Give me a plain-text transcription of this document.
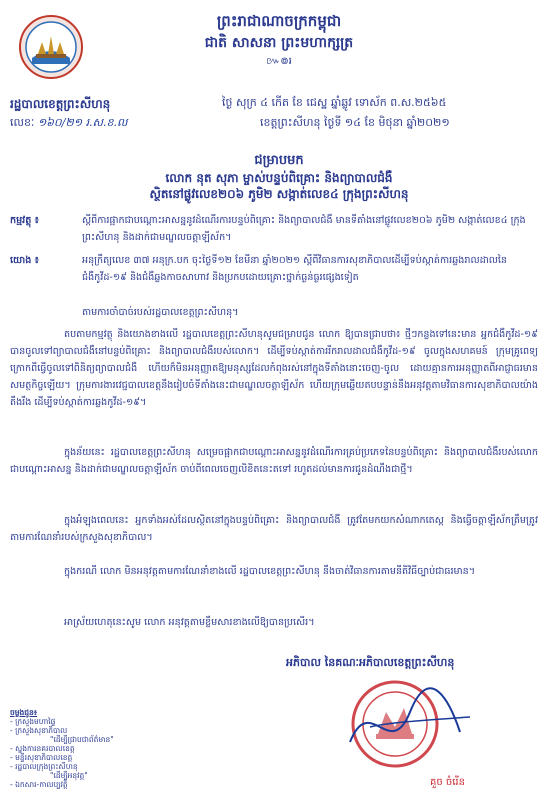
ព្រះរាជាណាចក្រកម្ពុជា
ជាតិ សាសនា ព្រះមហាក្សត្រ
៚៙៛
រដ្ឋបាលខេត្តព្រះសីហនុ
លេខៈ ១៦០/២១ រ.ស.ខ.ល
ថ្ងៃ សុក្រ ៤ កើត ខែ ជេស្ឋ ឆ្នាំឆ្លូវ ទោស័ក ព.ស.២៥៦៥
ខេត្តព្រះសីហនុ ថ្ងៃទី ១៤ ខែ មិថុនា ឆ្នាំ២០២១
ជម្រាបមក
លោក នុត សុភា ម្ចាស់បន្ទប់ពិគ្រោះ និងព្យាបាលជំងឺ
ស្ថិតនៅផ្លូវលេខ២០៦ ភូមិ២ សង្កាត់លេខ៤ ក្រុងព្រះសីហនុ
កម្មវត្ថុ ៖	ស្តីពីការផ្អាកជាបណ្តោះអាសន្ននូវដំណើរការបន្ទប់ពិគ្រោះ និងព្យាបាលជំងឺ មានទីតាំងនៅផ្លូវលេខ២០៦ ភូមិ២ សង្កាត់លេខ៤ ក្រុងព្រះសីហនុ និងដាក់ជាមណ្ឌលចត្តាឡីស័ក។
យោង ៖	អនុក្រឹត្យលេខ ៣៧ អនុក្រ.បក ចុះថ្ងៃទី១២ ខែមីនា ឆ្នាំ២០២១ ស្តីពីវិធានការសុខាភិបាលដើម្បីទប់ស្កាត់ការឆ្លងរាលដាលនៃជំងឺកូវីដ-១៩ និងជំងឺឆ្លងកាចសាហាវ និងប្រកបដោយគ្រោះថ្នាក់ធ្ងន់ធ្ងរផ្សេងទៀត
តាមការចាំបាច់របស់រដ្ឋបាលខេត្តព្រះសីហនុ។
តបតាមកម្មវត្ថុ និងយោងខាងលើ រដ្ឋបាលខេត្តព្រះសីហនុសូមជម្រាបជូន លោក ឱ្យបានជ្រាបថា៖ ថ្មីៗកន្លងទៅនេះមាន អ្នកជំងឺកូវីដ-១៩ បានចូលទៅព្យាបាលជំងឺនៅបន្ទប់ពិគ្រោះ និងព្យាបាលជំងឺរបស់លោក។ ដើម្បីទប់ស្កាត់ការរីករាលដាលជំងឺកូវីដ-១៩ ចូលក្នុងសហគមន៍ ក្រុមគ្រូពេទ្យ ក្រោកពីធ្វើចូលទៅពិនិត្យព្យាបាលជំងឺ ហើយក៏មិនអនុញ្ញាតឱ្យមនុស្សដែលកំពុងរស់នៅក្នុងទីតាំងនោះចេញ-ចូល ដោយគ្មានការអនុញ្ញាតពីអាជ្ញាធរមានសមត្ថកិច្ចឡើយ។ ក្រុមការងារវេជ្ជបាលខេត្តនឹងរៀបចំទីតាំងនេះជាមណ្ឌលចត្តាឡីស័ក ហើយក្រុមឆ្លើយតបបន្ទាន់នឹងអនុវត្តតាមវិធានការសុខាភិបាលយ៉ាងតឹងរឹង ដើម្បីទប់ស្កាត់ការឆ្លងកូវីដ-១៩។
ក្នុងន័យនេះ រដ្ឋបាលខេត្តព្រះសីហនុ សម្រេចផ្អាកជាបណ្តោះអាសន្ននូវដំណើរការគ្រប់ប្រភេទនៃបន្ទប់ពិគ្រោះ និងព្យាបាលជំងឺរបស់លោកជាបណ្តោះអាសន្ន និងដាក់ជាមណ្ឌលចត្តាឡីស័ក ចាប់ពីពេលចេញលិខិតនេះតទៅ រហូតដល់មានការជូនដំណឹងជាថ្មី។
ក្នុងអំឡុងពេលនេះ អ្នកទាំងអស់ដែលស្ថិតនៅក្នុងបន្ទប់ពិគ្រោះ និងព្យាបាលជំងឺ ត្រូវតែមកយកសំណាកតេស្ត និងធ្វើចត្តាឡីស័កត្រឹមត្រូវតាមការណែនាំរបស់ក្រសួងសុខាភិបាល។
ក្នុងករណី លោក មិនអនុវត្តតាមការណែនាំខាងលើ រដ្ឋបាលខេត្តព្រះសីហនុ នឹងចាត់វិធានការតាមនីតិវិធីច្បាប់ជាធរមាន។
អាស្រ័យហេតុនេះសូម លោក អនុវត្តតាមខ្លឹមសារខាងលើឱ្យបានប្រសើរ។
អភិបាល នៃគណៈអភិបាលខេត្តព្រះសីហនុ
គួច ចំរើន
ចម្លងជូន៖
- ក្រសួងមហាផ្ទៃ
- ក្រសួងសុខាភិបាល
"ដើម្បីជ្រាបជាព័ត៌មាន"
- ស្នងការនគរបាលខេត្ត
- មន្ទីរសុខាភិបាលខេត្ត
- រដ្ឋបាលក្រុងព្រះសីហនុ
"ដើម្បីអនុវត្ត"
- ឯកសារ-កាលប្បវត្តិ
